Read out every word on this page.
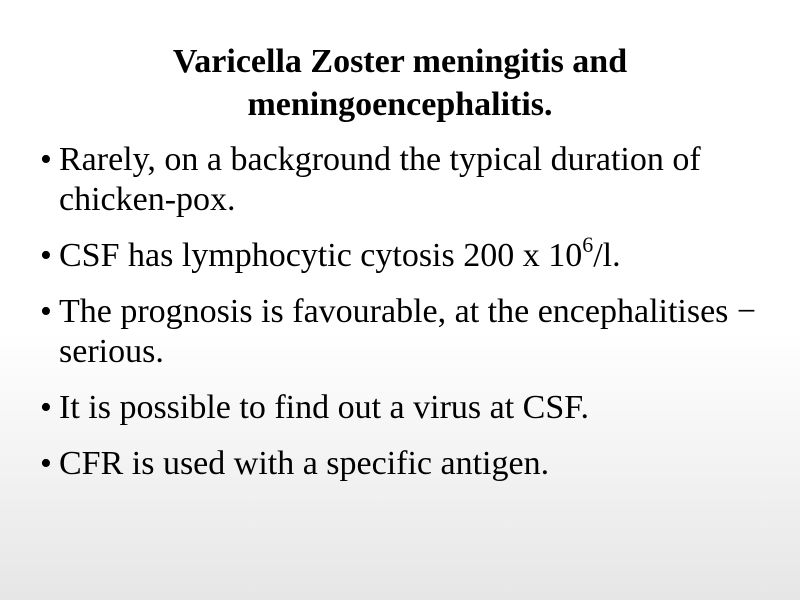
Varicella Zoster meningitis and meningoencephalitis.
• Rarely, on a background the typical duration of chicken-pox.
• CSF has lymphocytic cytosis 200 x $10^6/l$.
• The prognosis is favourable, at the encephalitises − serious.
• It is possible to find out a virus at CSF.
• CFR is used with a specific antigen.
